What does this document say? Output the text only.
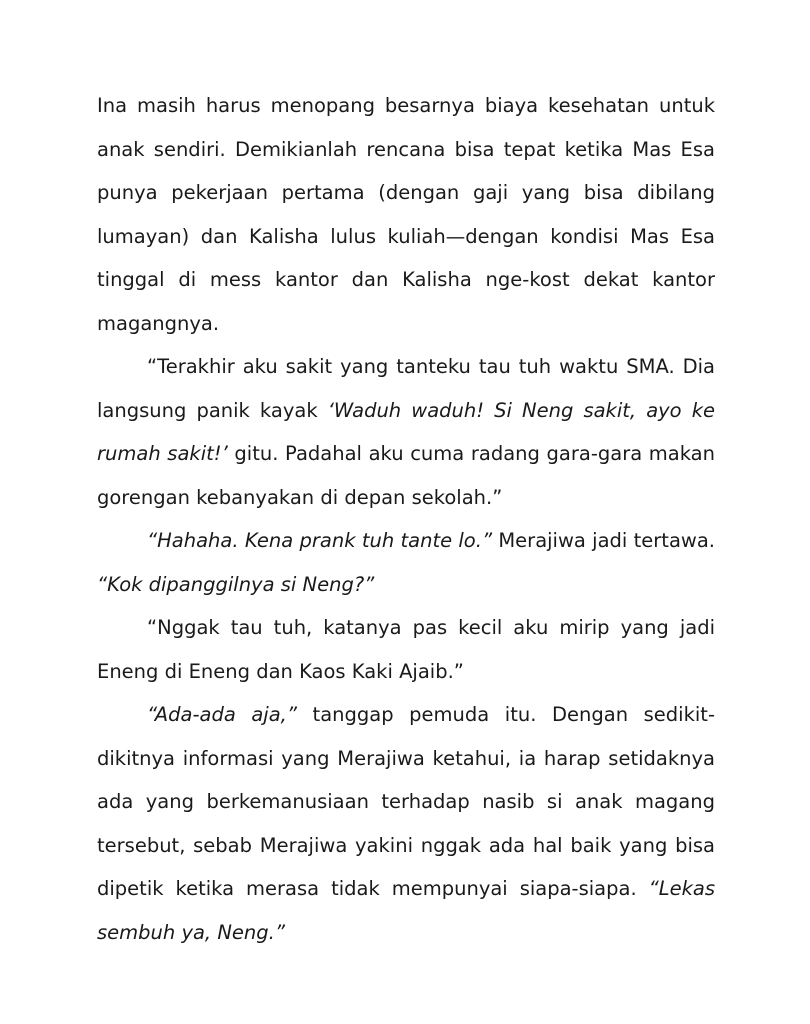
Ina masih harus menopang besarnya biaya kesehatan untuk anak sendiri. Demikianlah rencana bisa tepat ketika Mas Esa punya pekerjaan pertama (dengan gaji yang bisa dibilang lumayan) dan Kalisha lulus kuliah—dengan kondisi Mas Esa tinggal di mess kantor dan Kalisha nge-kost dekat kantor magangnya.

“Terakhir aku sakit yang tanteku tau tuh waktu SMA. Dia langsung panik kayak ‘Waduh waduh! Si Neng sakit, ayo ke rumah sakit!’ gitu. Padahal aku cuma radang gara-gara makan gorengan kebanyakan di depan sekolah.”

“Hahaha. Kena prank tuh tante lo.” Merajiwa jadi tertawa. “Kok dipanggilnya si Neng?”

“Nggak tau tuh, katanya pas kecil aku mirip yang jadi Eneng di Eneng dan Kaos Kaki Ajaib.”

“Ada-ada aja,” tanggap pemuda itu. Dengan sedikit-dikitnya informasi yang Merajiwa ketahui, ia harap setidaknya ada yang berkemanusiaan terhadap nasib si anak magang tersebut, sebab Merajiwa yakini nggak ada hal baik yang bisa dipetik ketika merasa tidak mempunyai siapa-siapa. “Lekas sembuh ya, Neng.”
